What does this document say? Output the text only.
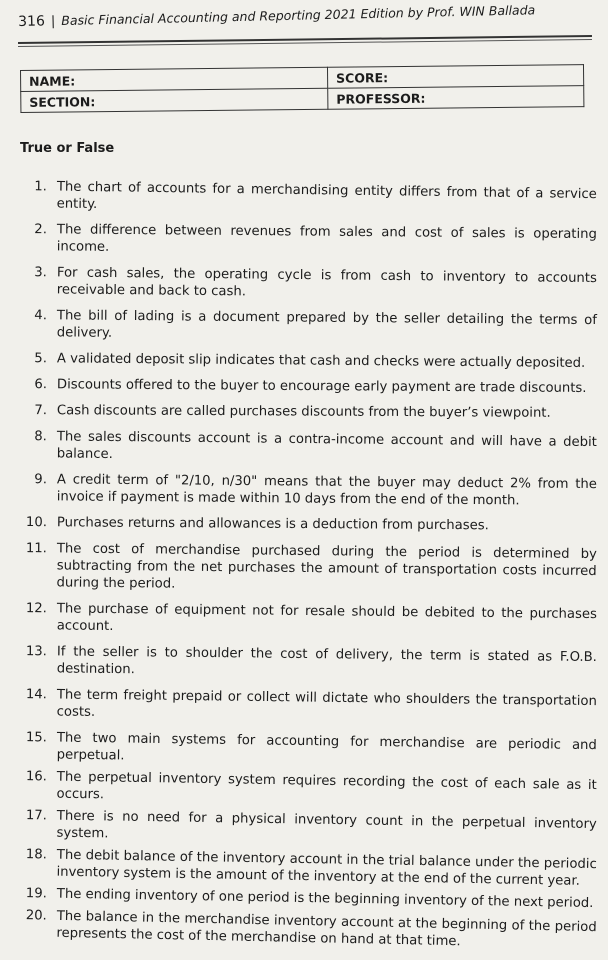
316 | Basic Financial Accounting and Reporting 2021 Edition by Prof. WIN Ballada
NAME:	SCORE:
SECTION:	PROFESSOR:
True or False
1. The chart of accounts for a merchandising entity differs from that of a service entity.
2. The difference between revenues from sales and cost of sales is operating income.
3. For cash sales, the operating cycle is from cash to inventory to accounts receivable and back to cash.
4. The bill of lading is a document prepared by the seller detailing the terms of delivery.
5. A validated deposit slip indicates that cash and checks were actually deposited.
6. Discounts offered to the buyer to encourage early payment are trade discounts.
7. Cash discounts are called purchases discounts from the buyer’s viewpoint.
8. The sales discounts account is a contra-income account and will have a debit balance.
9. A credit term of "2/10, n/30" means that the buyer may deduct 2% from the invoice if payment is made within 10 days from the end of the month.
10. Purchases returns and allowances is a deduction from purchases.
11. The cost of merchandise purchased during the period is determined by subtracting from the net purchases the amount of transportation costs incurred during the period.
12. The purchase of equipment not for resale should be debited to the purchases account.
13. If the seller is to shoulder the cost of delivery, the term is stated as F.O.B. destination.
14. The term freight prepaid or collect will dictate who shoulders the transportation costs.
15. The two main systems for accounting for merchandise are periodic and perpetual.
16. The perpetual inventory system requires recording the cost of each sale as it occurs.
17. There is no need for a physical inventory count in the perpetual inventory system.
18. The debit balance of the inventory account in the trial balance under the periodic inventory system is the amount of the inventory at the end of the current year.
19. The ending inventory of one period is the beginning inventory of the next period.
20. The balance in the merchandise inventory account at the beginning of the period represents the cost of the merchandise on hand at that time.
